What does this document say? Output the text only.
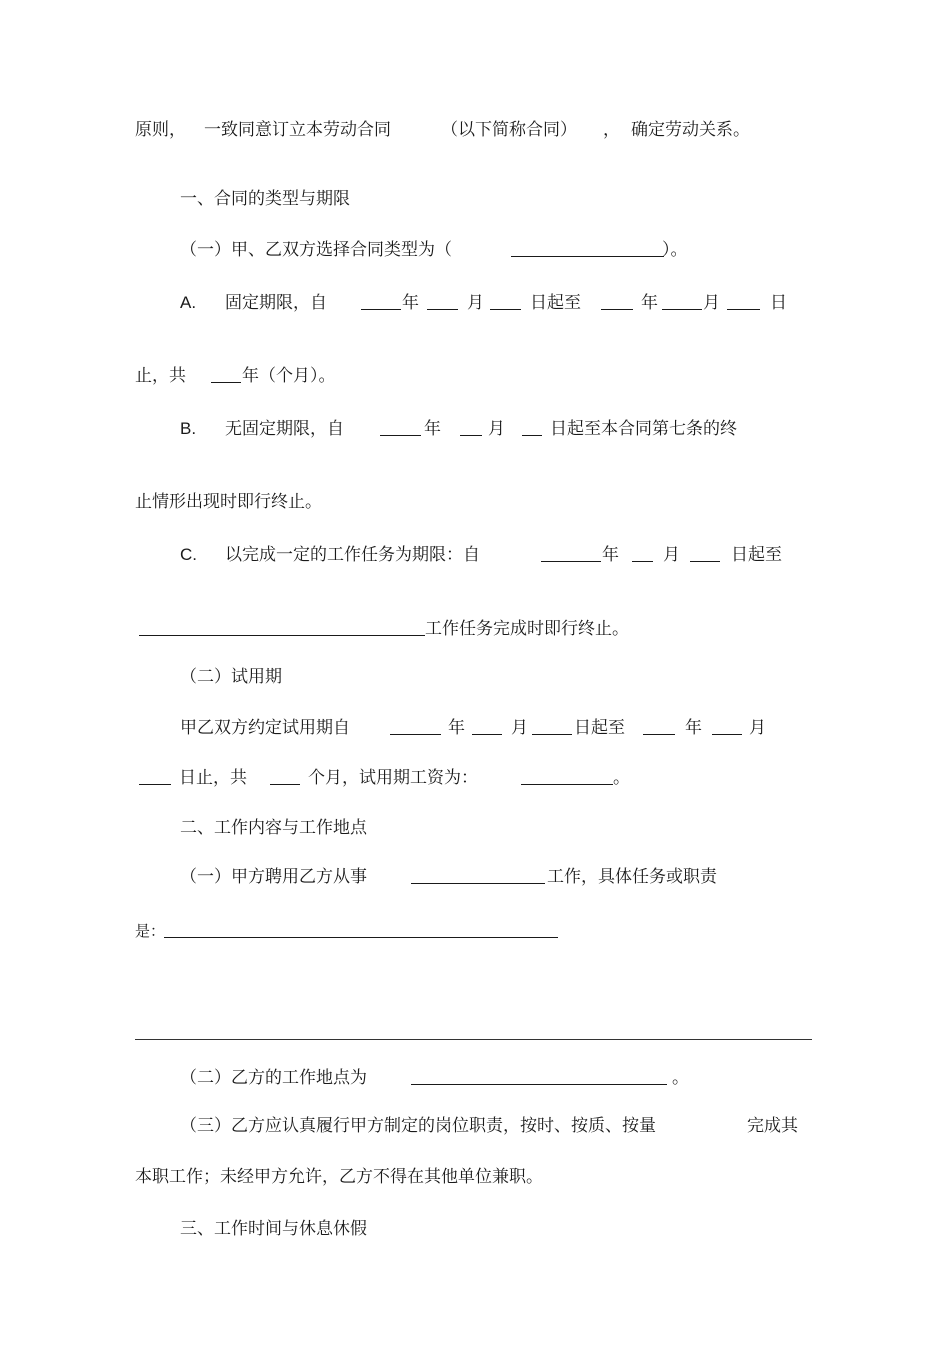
原则， 一致同意订立本劳动合同	（以下简称合同） ， 确定劳动关系。
一、合同的类型与期限
（一）甲、乙双方选择合同类型为（	）。
A. 固定期限，自	年	月	日起至	年	月	日
止，共	年（个月）。
B. 无固定期限，自	年	月	日起至本合同第七条的终
止情形出现时即行终止。
C. 以完成一定的工作任务为期限：自	年	月	日起至
工作任务完成时即行终止。
（二）试用期
甲乙双方约定试用期自	年	月	日起至	年	月
日止，共	个月，试用期工资为：	。
二、工作内容与工作地点
（一）甲方聘用乙方从事	工作，具体任务或职责
是：
（二）乙方的工作地点为	。
（三）乙方应认真履行甲方制定的岗位职责，按时、按质、按量	完成其
本职工作；未经甲方允许，乙方不得在其他单位兼职。
三、工作时间与休息休假
